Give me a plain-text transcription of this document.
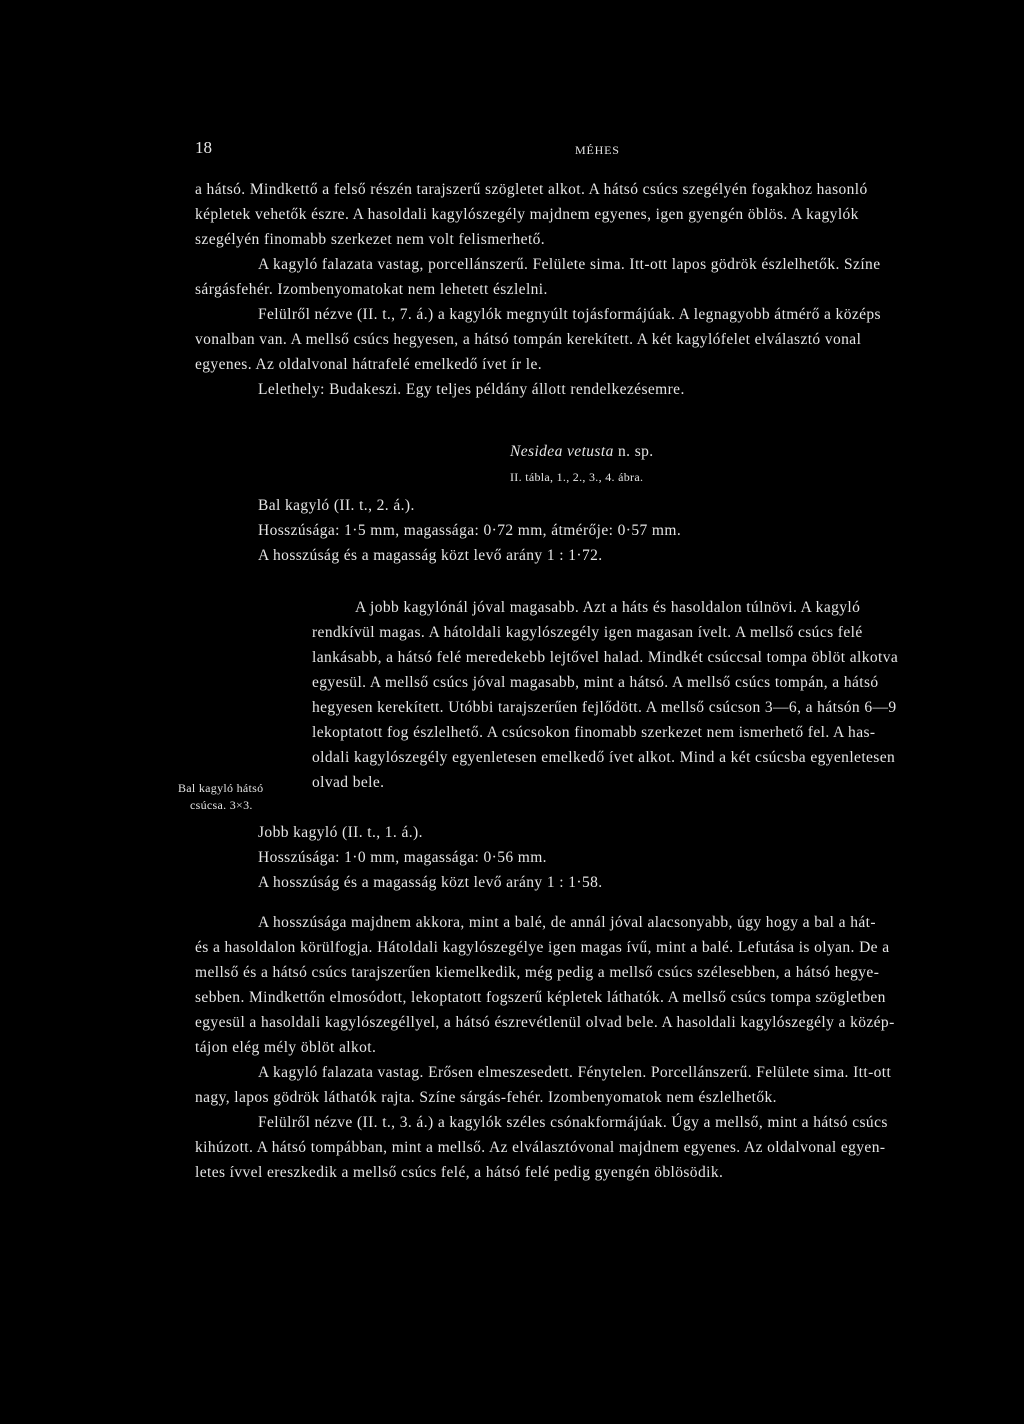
18	MÉHES
a hátsó. Mindkettő a felső részén tarajszerű szögletet alkot. A hátsó csúcs szegélyén fogakhoz hasonló
képletek vehetők észre. A hasoldali kagylószegély majdnem egyenes, igen gyengén öblös. A kagylók
szegélyén finomabb szerkezet nem volt felismerhető.
A kagyló falazata vastag, porcellánszerű. Felülete sima. Itt-ott lapos gödrök észlelhetők. Színe
sárgásfehér. Izombenyomatokat nem lehetett észlelni.
Felülről nézve (II. t., 7. á.) a kagylók megnyúlt tojásformájúak. A legnagyobb átmérő a középs
vonalban van. A mellső csúcs hegyesen, a hátsó tompán kerekített. A két kagylófelet elválasztó vonal
egyenes. Az oldalvonal hátrafelé emelkedő ívet ír le.
Lelethely: Budakeszi. Egy teljes példány állott rendelkezésemre.
Nesidea vetusta n. sp.
II. tábla, 1., 2., 3., 4. ábra.
Bal kagyló (II. t., 2. á.).
Hosszúsága: 1·5 mm, magassága: 0·72 mm, átmérője: 0·57 mm.
A hosszúság és a magasság közt levő arány 1 : 1·72.
A jobb kagylónál jóval magasabb. Azt a háts és hasoldalon túlnövi. A kagyló
rendkívül magas. A hátoldali kagylószegély igen magasan ívelt. A mellső csúcs felé
lankásabb, a hátsó felé meredekebb lejtővel halad. Mindkét csúccsal tompa öblöt alkotva
egyesül. A mellső csúcs jóval magasabb, mint a hátsó. A mellső csúcs tompán, a hátsó
hegyesen kerekített. Utóbbi tarajszerűen fejlődött. A mellső csúcson 3—6, a hátsón 6—9
lekoptatott fog észlelhető. A csúcsokon finomabb szerkezet nem ismerhető fel. A has-
oldali kagylószegély egyenletesen emelkedő ívet alkot. Mind a két csúcsba egyenletesen
olvad bele.
Bal kagyló hátsó
csúcsa. 3×3.
Jobb kagyló (II. t., 1. á.).
Hosszúsága: 1·0 mm, magassága: 0·56 mm.
A hosszúság és a magasság közt levő arány 1 : 1·58.
A hosszúsága majdnem akkora, mint a balé, de annál jóval alacsonyabb, úgy hogy a bal a hát-
és a hasoldalon körülfogja. Hátoldali kagylószegélye igen magas ívű, mint a balé. Lefutása is olyan. De a
mellső és a hátsó csúcs tarajszerűen kiemelkedik, még pedig a mellső csúcs szélesebben, a hátsó hegye-
sebben. Mindkettőn elmosódott, lekoptatott fogszerű képletek láthatók. A mellső csúcs tompa szögletben
egyesül a hasoldali kagylószegéllyel, a hátsó észrevétlenül olvad bele. A hasoldali kagylószegély a közép-
tájon elég mély öblöt alkot.
A kagyló falazata vastag. Erősen elmeszesedett. Fénytelen. Porcellánszerű. Felülete sima. Itt-ott
nagy, lapos gödrök láthatók rajta. Színe sárgás-fehér. Izombenyomatok nem észlelhetők.
Felülről nézve (II. t., 3. á.) a kagylók széles csónakformájúak. Úgy a mellső, mint a hátsó csúcs
kihúzott. A hátsó tompábban, mint a mellső. Az elválasztóvonal majdnem egyenes. Az oldalvonal egyen-
letes ívvel ereszkedik a mellső csúcs felé, a hátsó felé pedig gyengén öblösödik.
